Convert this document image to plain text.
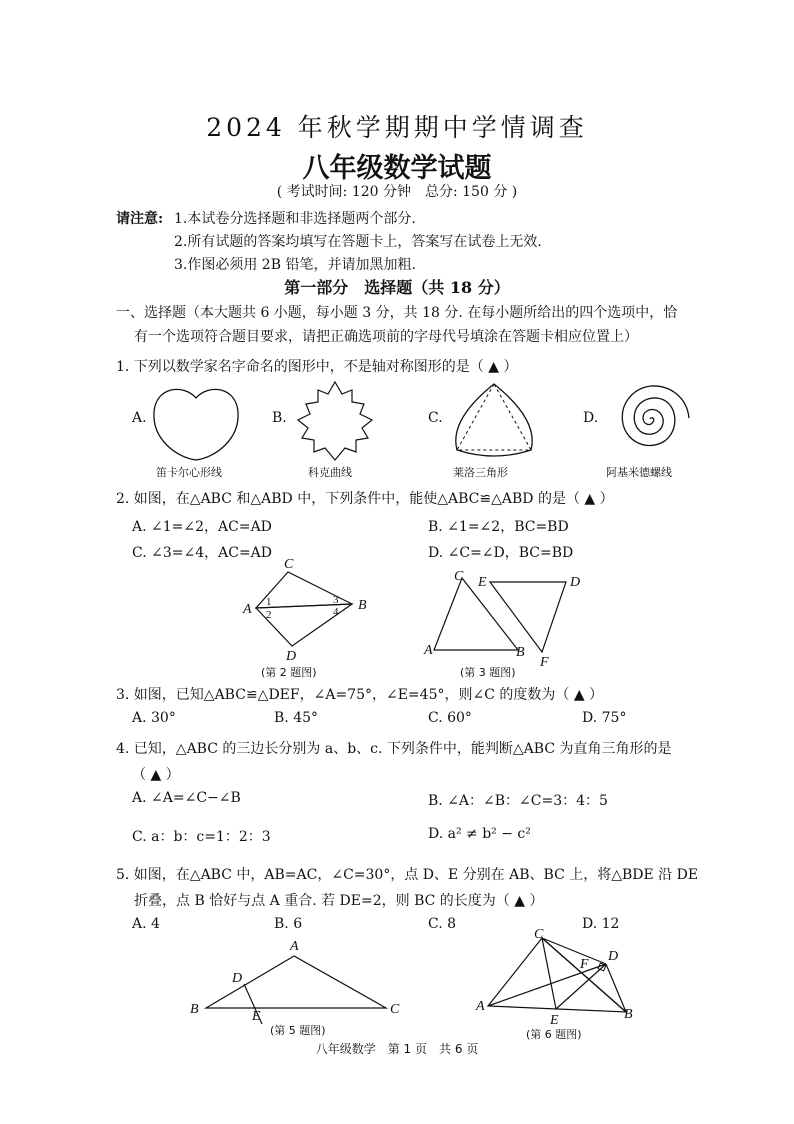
2024 年秋学期期中学情调查
八年级数学试题
( 考试时间: 120 分钟　总分: 150 分 )
请注意: 1.本试卷分选择题和非选择题两个部分.
2.所有试题的答案均填写在答题卡上，答案写在试卷上无效.
3.作图必须用 2B 铅笔，并请加黑加粗.
第一部分　选择题（共 18 分）
一、选择题（本大题共 6 小题，每小题 3 分，共 18 分. 在每小题所给出的四个选项中，恰
有一个选项符合题目要求，请把正确选项前的字母代号填涂在答题卡相应位置上）
1. 下列以数学家名字命名的图形中，不是轴对称图形的是（ ▲ ）
A.	B.	C.	D.
笛卡尔心形线	科克曲线	莱洛三角形	阿基米德螺线
2. 如图，在△ABC 和△ABD 中，下列条件中，能使△ABC≌△ABD 的是（ ▲ ）
A. ∠1=∠2，AC=AD	B. ∠1=∠2，BC=BD
C. ∠3=∠4，AC=AD	D. ∠C=∠D，BC=BD
C
A	B
D
1
2
3
4
(第 2 题图)
C E	D
A	B
F
(第 3 题图)
3. 如图，已知△ABC≌△DEF，∠A=75°，∠E=45°，则∠C 的度数为（ ▲ ）
A. 30°	B. 45°	C. 60°	D. 75°
4. 已知，△ABC 的三边长分别为 a、b、c. 下列条件中，能判断△ABC 为直角三角形的是
（ ▲ ）
A. ∠A=∠C−∠B	B. ∠A：∠B：∠C=3：4：5
C. a：b：c=1：2：3	D. a² ≠ b² − c²
5. 如图，在△ABC 中，AB=AC，∠C=30°，点 D、E 分别在 AB、BC 上，将△BDE 沿 DE
折叠，点 B 恰好与点 A 重合. 若 DE=2，则 BC 的长度为（ ▲ ）
A. 4	B. 6	C. 8	D. 12
A
D
B	E	C
(第 5 题图)
C
D
F
A
E	B
(第 6 题图)
八年级数学　第 1 页　共 6 页
